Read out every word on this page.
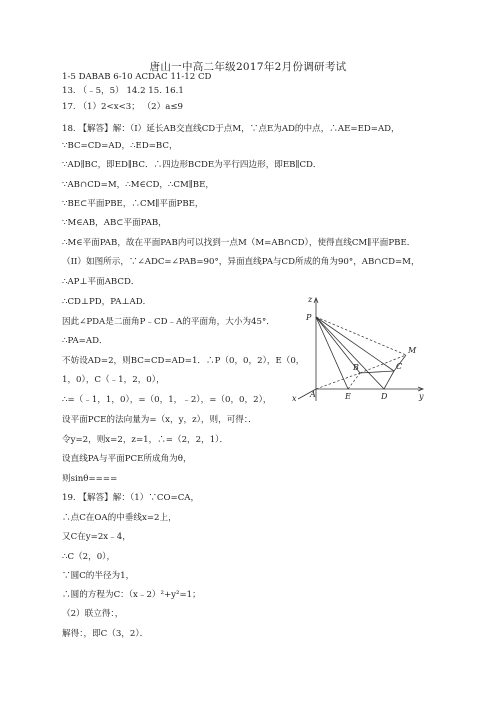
唐山一中高二年级2017年2月份调研考试
1-5 DABAB 6-10 ACDAC 11-12 CD
13. （﹣5，5） 14.2 15. 16.1
17. （1）2<x<3； （2）a≤9
18. 【解答】解：（I）延长AB交直线CD于点M，∵点E为AD的中点，∴AE=ED=AD，
∵BC=CD=AD，∴ED=BC，
∵AD∥BC，即ED∥BC．∴四边形BCDE为平行四边形，即EB∥CD．
∵AB∩CD=M，∴M∈CD，∴CM∥BE，
∵BE⊂平面PBE，∴CM∥平面PBE，
∵M∈AB，AB⊂平面PAB，
∴M∈平面PAB，故在平面PAB内可以找到一点M（M=AB∩CD），使得直线CM∥平面PBE．
（II）如图所示，∵∠ADC=∠PAB=90°，异面直线PA与CD所成的角为90°，AB∩CD=M，
∴AP⊥平面ABCD．
∴CD⊥PD，PA⊥AD．
因此∠PDA是二面角P﹣CD﹣A的平面角，大小为45°．
∴PA=AD．
不妨设AD=2，则BC=CD=AD=1．∴P（0，0，2），E（0，
1，0），C（﹣1，2，0），
∴=（﹣1，1，0），=（0，1，﹣2），=（0，0，2），
设平面PCE的法向量为=（x，y，z），则，可得：．
令y=2，则x=2，z=1，∴=（2，2，1）．
设直线PA与平面PCE所成角为θ，
则sinθ====
19. 【解答】解：（1）∵CO=CA，
∴点C在OA的中垂线x=2上，
又C在y=2x﹣4，
∴C（2，0），
∵圆C的半径为1，
∴圆的方程为C：（x﹣2）²+y²=1；
（2）联立得：，
解得：，即C（3，2）．
z
P
M
B	C
A	E	D	y
x
